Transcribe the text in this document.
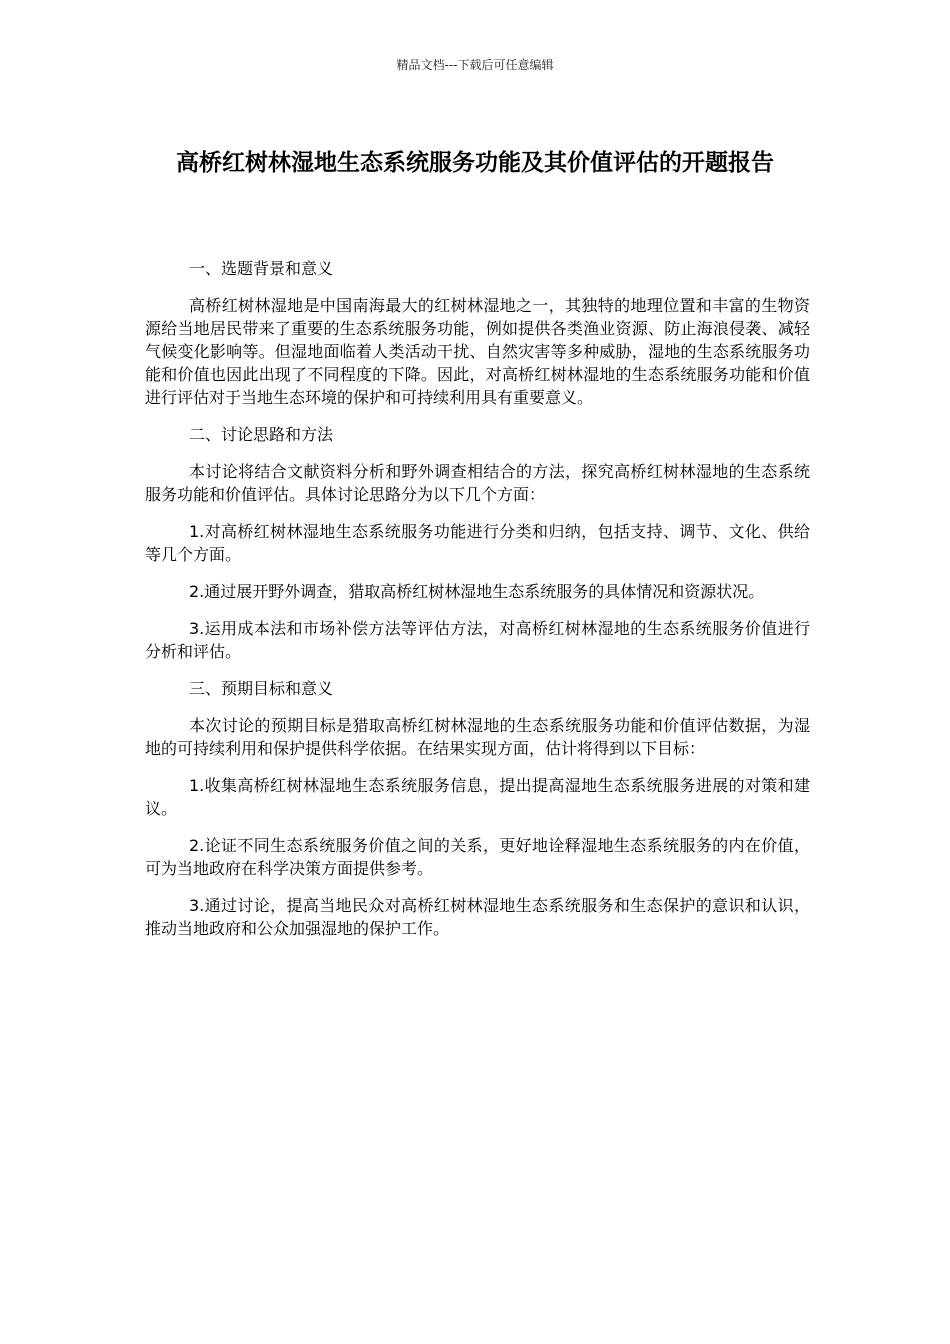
精品文档---下载后可任意编辑
高桥红树林湿地生态系统服务功能及其价值评估的开题报告

一、选题背景和意义

高桥红树林湿地是中国南海最大的红树林湿地之一，其独特的地理位置和丰富的生物资源给当地居民带来了重要的生态系统服务功能，例如提供各类渔业资源、防止海浪侵袭、减轻气候变化影响等。但湿地面临着人类活动干扰、自然灾害等多种威胁，湿地的生态系统服务功能和价值也因此出现了不同程度的下降。因此，对高桥红树林湿地的生态系统服务功能和价值进行评估对于当地生态环境的保护和可持续利用具有重要意义。

二、讨论思路和方法

本讨论将结合文献资料分析和野外调查相结合的方法，探究高桥红树林湿地的生态系统服务功能和价值评估。具体讨论思路分为以下几个方面：

1.对高桥红树林湿地生态系统服务功能进行分类和归纳，包括支持、调节、文化、供给等几个方面。

2.通过展开野外调查，猎取高桥红树林湿地生态系统服务的具体情况和资源状况。

3.运用成本法和市场补偿方法等评估方法，对高桥红树林湿地的生态系统服务价值进行分析和评估。

三、预期目标和意义

本次讨论的预期目标是猎取高桥红树林湿地的生态系统服务功能和价值评估数据，为湿地的可持续利用和保护提供科学依据。在结果实现方面，估计将得到以下目标：

1.收集高桥红树林湿地生态系统服务信息，提出提高湿地生态系统服务进展的对策和建议。

2.论证不同生态系统服务价值之间的关系，更好地诠释湿地生态系统服务的内在价值，可为当地政府在科学决策方面提供参考。

3.通过讨论，提高当地民众对高桥红树林湿地生态系统服务和生态保护的意识和认识，推动当地政府和公众加强湿地的保护工作。
